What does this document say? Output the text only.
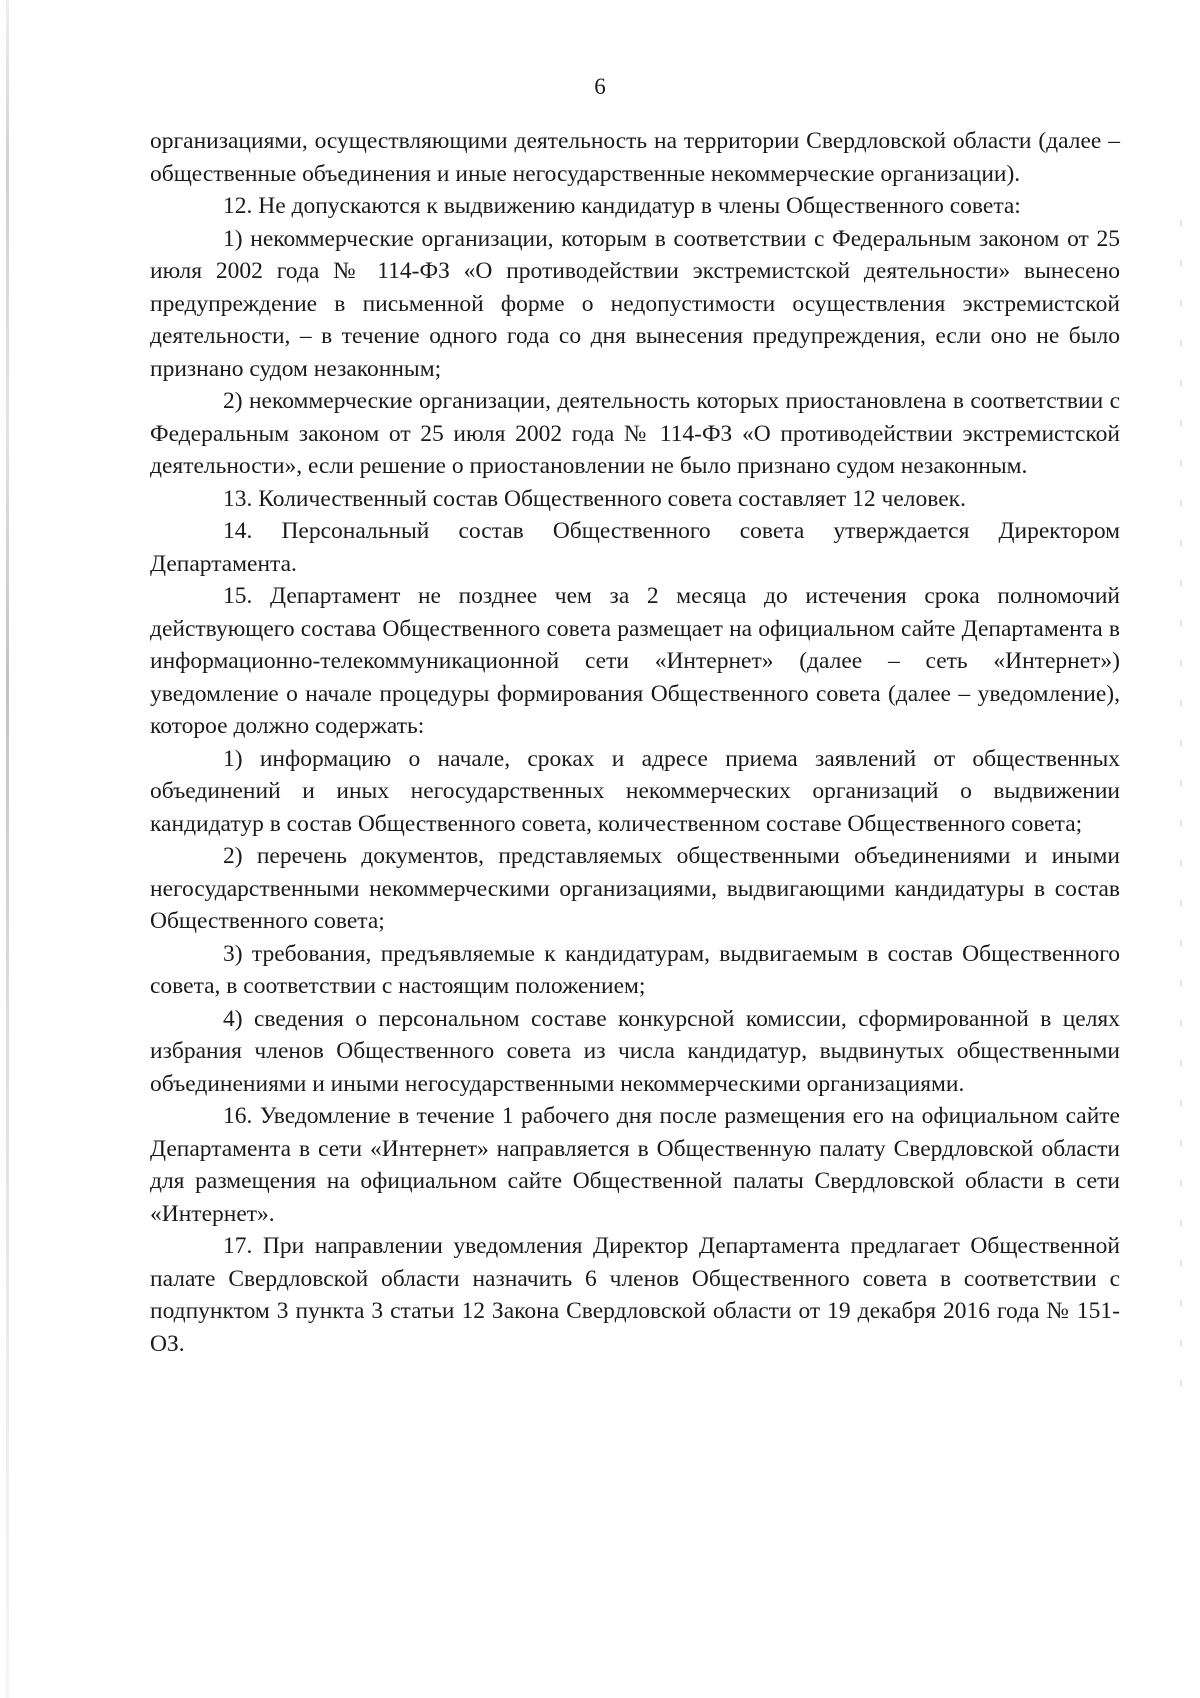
6

организациями, осуществляющими деятельность на территории Свердловской области (далее – общественные объединения и иные негосударственные некоммерческие организации).

12. Не допускаются к выдвижению кандидатур в члены Общественного совета:

1) некоммерческие организации, которым в соответствии с Федеральным законом от 25 июля 2002 года № 114-ФЗ «О противодействии экстремистской деятельности» вынесено предупреждение в письменной форме о недопустимости осуществления экстремистской деятельности, – в течение одного года со дня вынесения предупреждения, если оно не было признано судом незаконным;

2) некоммерческие организации, деятельность которых приостановлена в соответствии с Федеральным законом от 25 июля 2002 года № 114-ФЗ «О противодействии экстремистской деятельности», если решение о приостановлении не было признано судом незаконным.

13. Количественный состав Общественного совета составляет 12 человек.

14. Персональный состав Общественного совета утверждается Директором Департамента.

15. Департамент не позднее чем за 2 месяца до истечения срока полномочий действующего состава Общественного совета размещает на официальном сайте Департамента в информационно-телекоммуникационной сети «Интернет» (далее – сеть «Интернет») уведомление о начале процедуры формирования Общественного совета (далее – уведомление), которое должно содержать:

1) информацию о начале, сроках и адресе приема заявлений от общественных объединений и иных негосударственных некоммерческих организаций о выдвижении кандидатур в состав Общественного совета, количественном составе Общественного совета;

2) перечень документов, представляемых общественными объединениями и иными негосударственными некоммерческими организациями, выдвигающими кандидатуры в состав Общественного совета;

3) требования, предъявляемые к кандидатурам, выдвигаемым в состав Общественного совета, в соответствии с настоящим положением;

4) сведения о персональном составе конкурсной комиссии, сформированной в целях избрания членов Общественного совета из числа кандидатур, выдвинутых общественными объединениями и иными негосударственными некоммерческими организациями.

16. Уведомление в течение 1 рабочего дня после размещения его на официальном сайте Департамента в сети «Интернет» направляется в Общественную палату Свердловской области для размещения на официальном сайте Общественной палаты Свердловской области в сети «Интернет».

17. При направлении уведомления Директор Департамента предлагает Общественной палате Свердловской области назначить 6 членов Общественного совета в соответствии с подпунктом 3 пункта 3 статьи 12 Закона Свердловской области от 19 декабря 2016 года № 151-ОЗ.
